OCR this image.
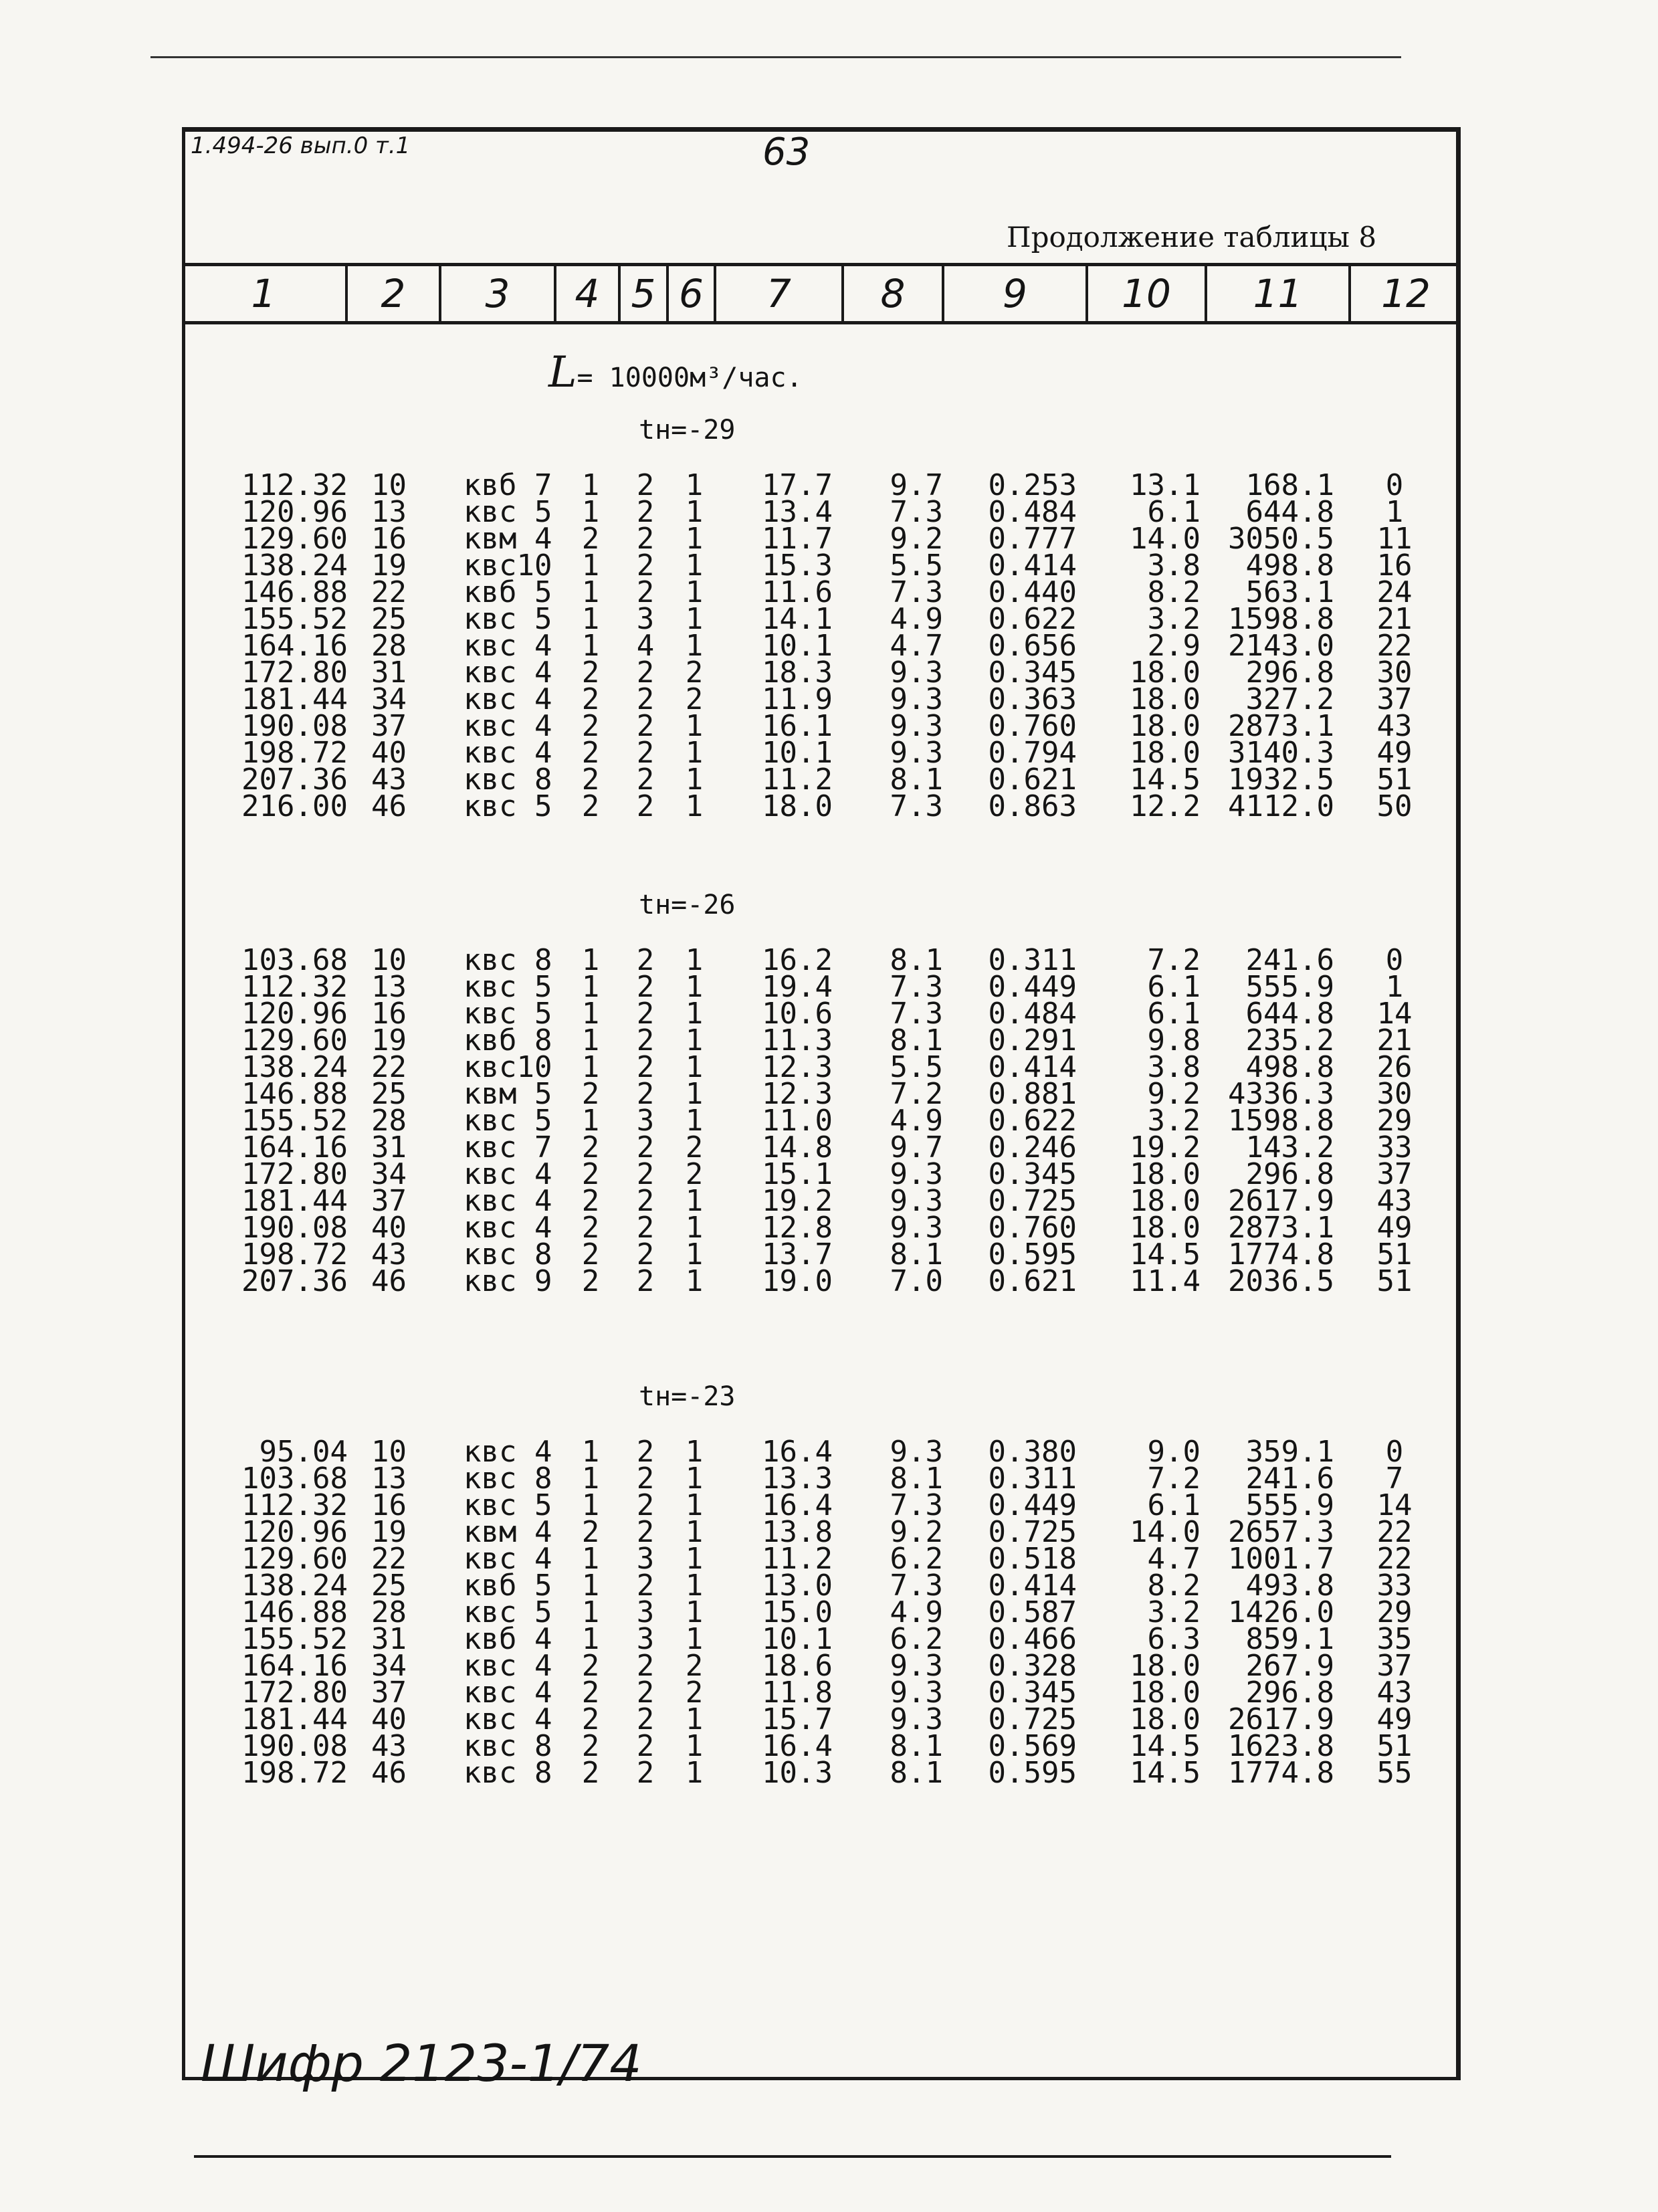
1.494-26 вып.0 т.1	63
Продолжение таблицы 8
1	2	3	4 5 6	7	8	9	10	11	12
L= 10000м³/час.
tн=-29
112.32 10	квб 7	1	2	1	17.7	9.7	0.253	13.1	168.1	0
120.96 13	квс 5	1	2	1	13.4	7.3	0.484	6.1	644.8	1
129.60 16	квм 4	2	2	1	11.7	9.2	0.777	14.0 3050.5	11
138.24 19	квс10	1	2	1	15.3	5.5	0.414	3.8	498.8	16
146.88 22	квб 5	1	2	1	11.6	7.3	0.440	8.2	563.1	24
155.52 25	квс 5	1	3	1	14.1	4.9	0.622	3.2 1598.8	21
164.16 28	квс 4	1	4	1	10.1	4.7	0.656	2.9 2143.0	22
172.80 31	квс 4	2	2	2	18.3	9.3	0.345	18.0	296.8	30
181.44 34	квс 4	2	2	2	11.9	9.3	0.363	18.0	327.2	37
190.08 37	квс 4	2	2	1	16.1	9.3	0.760	18.0 2873.1	43
198.72 40	квс 4	2	2	1	10.1	9.3	0.794	18.0 3140.3	49
207.36 43	квс 8	2	2	1	11.2	8.1	0.621	14.5 1932.5	51
216.00 46	квс 5	2	2	1	18.0	7.3	0.863	12.2 4112.0	50
tн=-26
103.68 10	квс 8	1	2	1	16.2	8.1	0.311	7.2	241.6	0
112.32 13	квс 5	1	2	1	19.4	7.3	0.449	6.1	555.9	1
120.96 16	квс 5	1	2	1	10.6	7.3	0.484	6.1	644.8	14
129.60 19	квб 8	1	2	1	11.3	8.1	0.291	9.8	235.2	21
138.24 22	квс10	1	2	1	12.3	5.5	0.414	3.8	498.8	26
146.88 25	квм 5	2	2	1	12.3	7.2	0.881	9.2 4336.3	30
155.52 28	квс 5	1	3	1	11.0	4.9	0.622	3.2 1598.8	29
164.16 31	квс 7	2	2	2	14.8	9.7	0.246	19.2	143.2	33
172.80 34	квс 4	2	2	2	15.1	9.3	0.345	18.0	296.8	37
181.44 37	квс 4	2	2	1	19.2	9.3	0.725	18.0 2617.9	43
190.08 40	квс 4	2	2	1	12.8	9.3	0.760	18.0 2873.1	49
198.72 43	квс 8	2	2	1	13.7	8.1	0.595	14.5 1774.8	51
207.36 46	квс 9	2	2	1	19.0	7.0	0.621	11.4 2036.5	51
tн=-23
95.04 10	квс 4	1	2	1	16.4	9.3	0.380	9.0	359.1	0
103.68 13	квс 8	1	2	1	13.3	8.1	0.311	7.2	241.6	7
112.32 16	квс 5	1	2	1	16.4	7.3	0.449	6.1	555.9	14
120.96 19	квм 4	2	2	1	13.8	9.2	0.725	14.0 2657.3	22
129.60 22	квс 4	1	3	1	11.2	6.2	0.518	4.7 1001.7	22
138.24 25	квб 5	1	2	1	13.0	7.3	0.414	8.2	493.8	33
146.88 28	квс 5	1	3	1	15.0	4.9	0.587	3.2 1426.0	29
155.52 31	квб 4	1	3	1	10.1	6.2	0.466	6.3	859.1	35
164.16 34	квс 4	2	2	2	18.6	9.3	0.328	18.0	267.9	37
172.80 37	квс 4	2	2	2	11.8	9.3	0.345	18.0	296.8	43
181.44 40	квс 4	2	2	1	15.7	9.3	0.725	18.0 2617.9	49
190.08 43	квс 8	2	2	1	16.4	8.1	0.569	14.5 1623.8	51
198.72 46	квс 8	2	2	1	10.3	8.1	0.595	14.5 1774.8	55
Шифр 2123-1/74
